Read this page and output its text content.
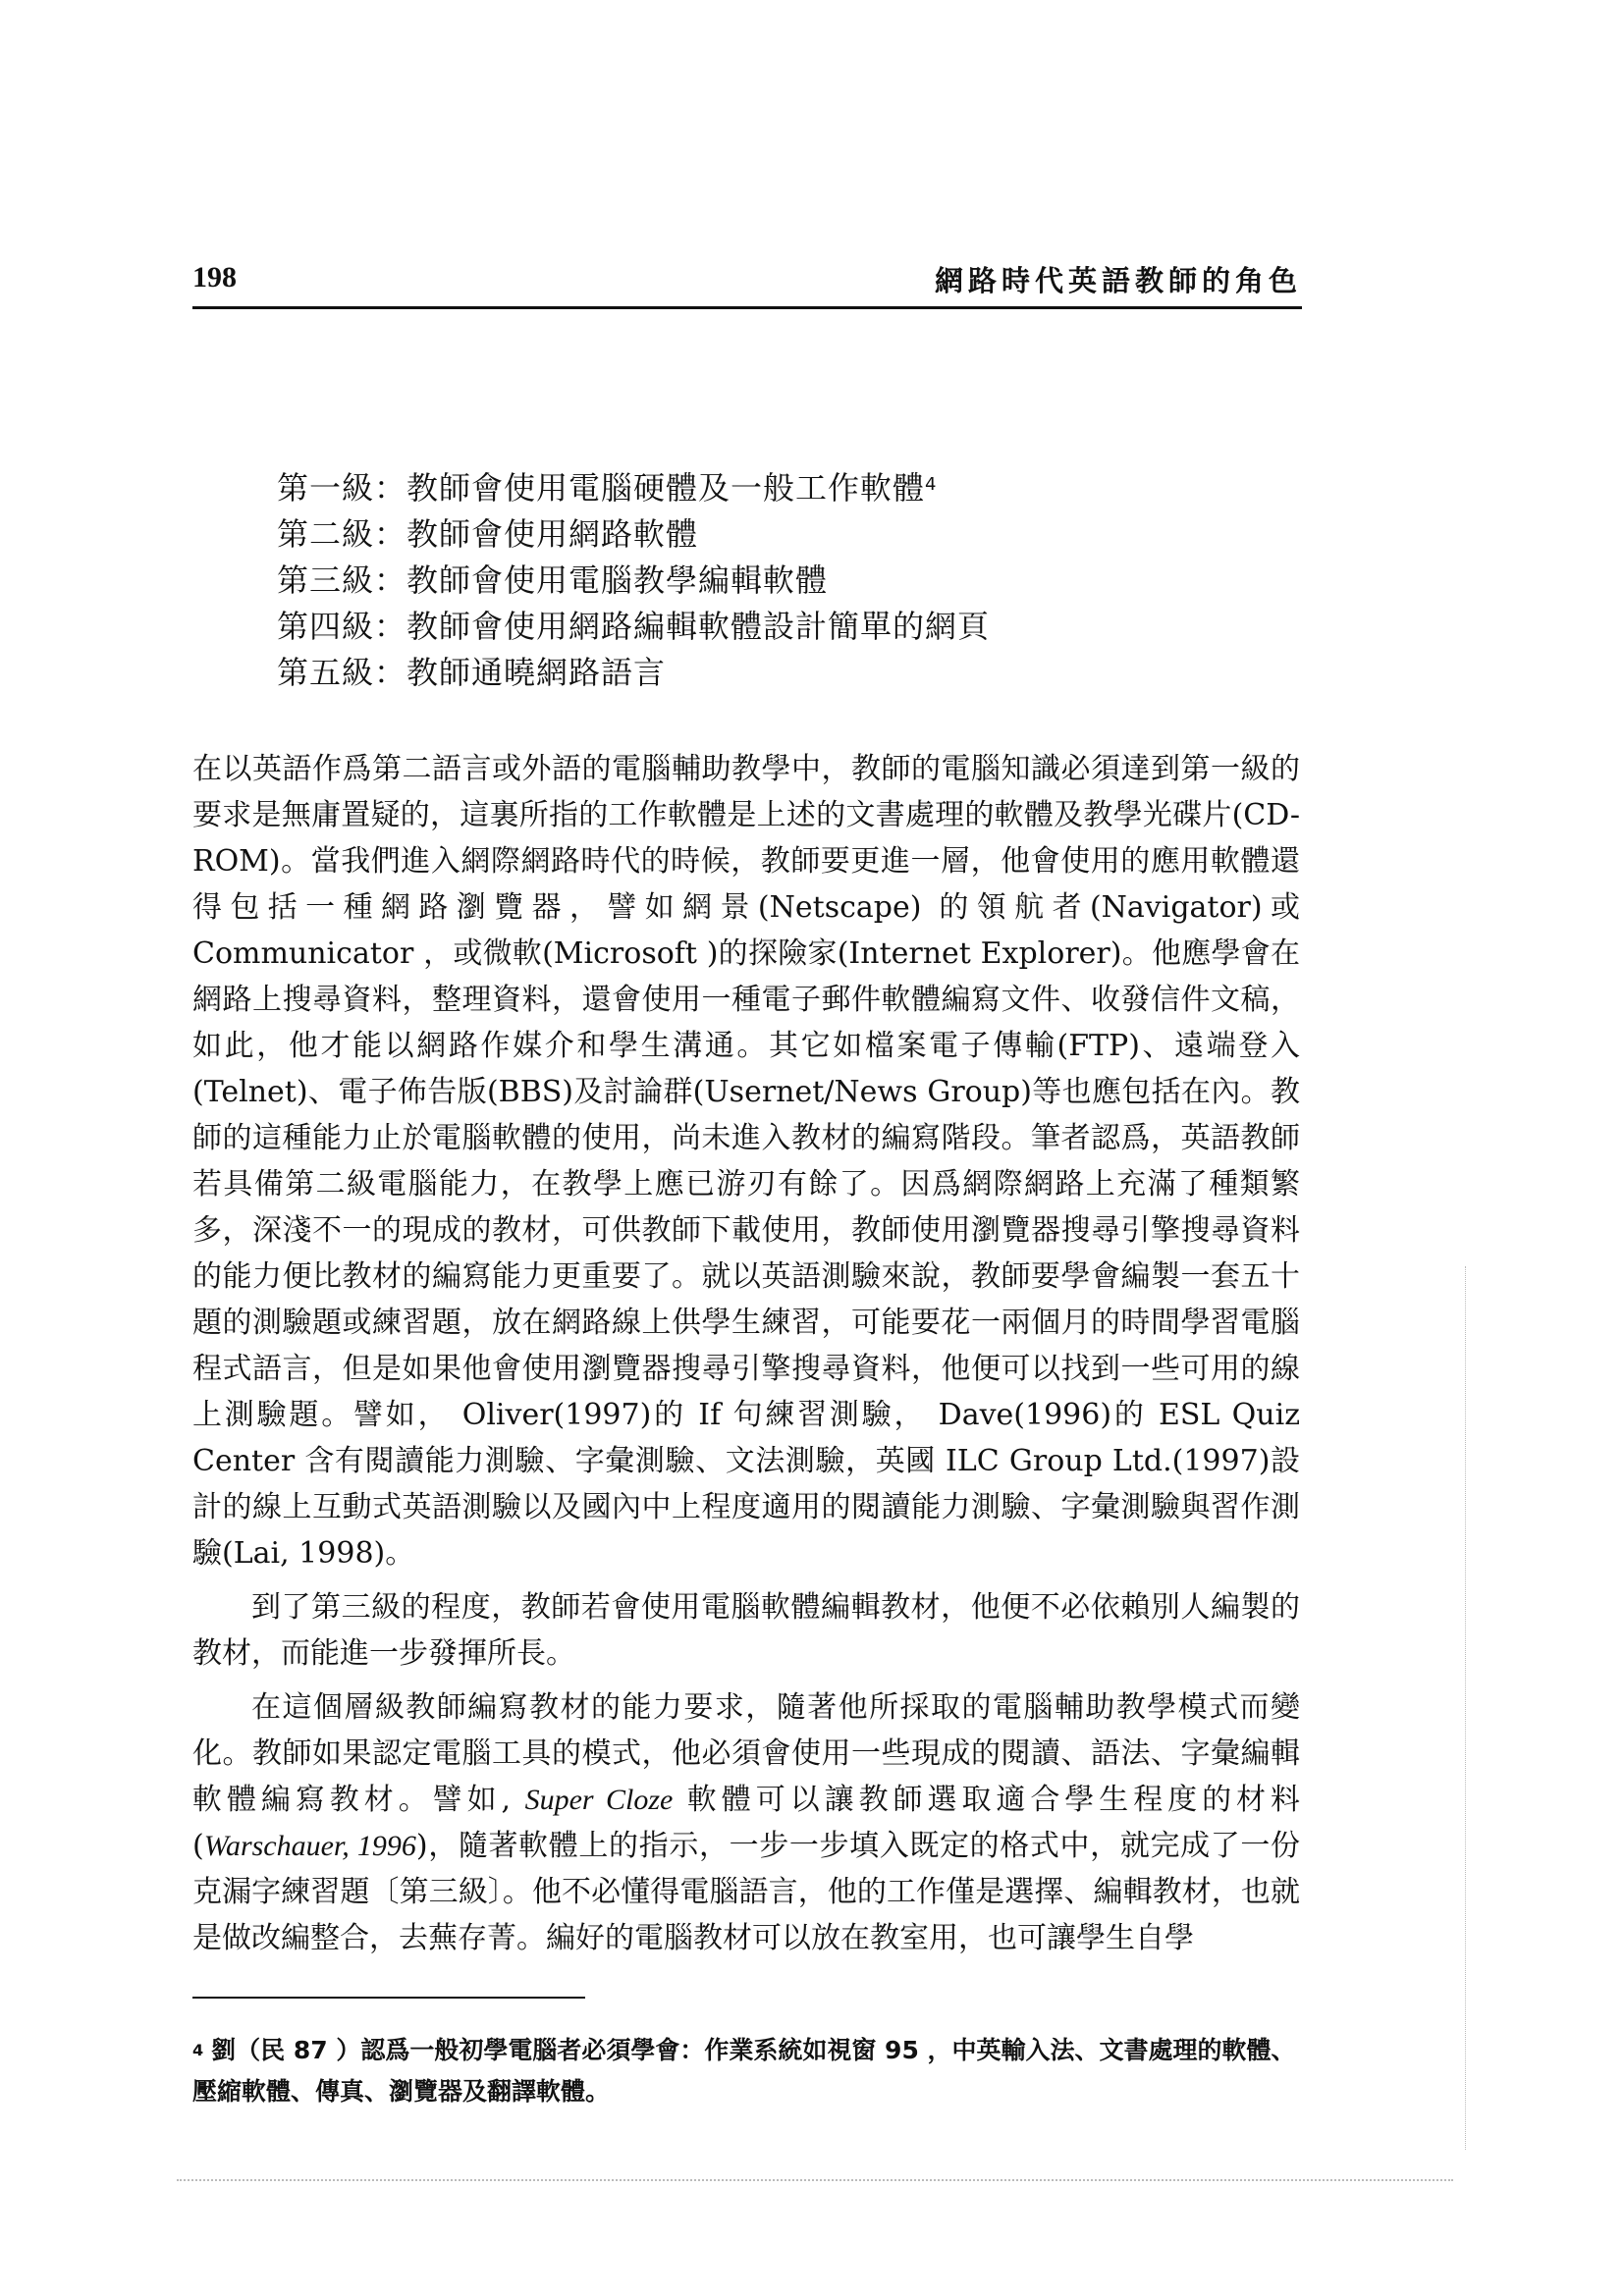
198	網路時代英語教師的角色
第一級：教師會使用電腦硬體及一般工作軟體$^4$
第二級：教師會使用網路軟體
第三級：教師會使用電腦教學編輯軟體
第四級：教師會使用網路編輯軟體設計簡單的網頁
第五級：教師通曉網路語言

在以英語作爲第二語言或外語的電腦輔助教學中，教師的電腦知識必須達到第一級的要求是無庸置疑的，這裏所指的工作軟體是上述的文書處理的軟體及教學光碟片(CD-ROM)。當我們進入網際網路時代的時候，教師要更進一層，他會使用的應用軟體還得包括一種網路瀏覽器，譬如網景(Netscape) 的領航者(Navigator)或Communicator ，或微軟(Microsoft )的探險家(Internet Explorer)。他應學會在網路上搜尋資料，整理資料，還會使用一種電子郵件軟體編寫文件、收發信件文稿，如此，他才能以網路作媒介和學生溝通。其它如檔案電子傳輸(FTP)、遠端登入(Telnet)、電子佈告版(BBS)及討論群(Usernet/News Group)等也應包括在內。教師的這種能力止於電腦軟體的使用，尚未進入教材的編寫階段。筆者認爲，英語教師若具備第二級電腦能力，在教學上應已游刃有餘了。因爲網際網路上充滿了種類繁多，深淺不一的現成的教材，可供教師下載使用，教師使用瀏覽器搜尋引擎搜尋資料的能力便比教材的編寫能力更重要了。就以英語測驗來說，教師要學會編製一套五十題的測驗題或練習題，放在網路線上供學生練習，可能要花一兩個月的時間學習電腦程式語言，但是如果他會使用瀏覽器搜尋引擎搜尋資料，他便可以找到一些可用的線上測驗題。譬如， Oliver(1997)的 If 句練習測驗， Dave(1996)的 ESL Quiz Center 含有閱讀能力測驗、字彙測驗、文法測驗，英國 ILC Group Ltd.(1997)設計的線上互動式英語測驗以及國內中上程度適用的閱讀能力測驗、字彙測驗與習作測驗(Lai, 1998)。

到了第三級的程度，教師若會使用電腦軟體編輯教材，他便不必依賴別人編製的教材，而能進一步發揮所長。

在這個層級教師編寫教材的能力要求，隨著他所採取的電腦輔助教學模式而變化。教師如果認定電腦工具的模式，他必須會使用一些現成的閱讀、語法、字彙編輯軟體編寫教材。譬如, Super Cloze 軟體可以讓教師選取適合學生程度的材料(Warschauer, 1996)，隨著軟體上的指示，一步一步填入既定的格式中，就完成了一份克漏字練習題〔第三級〕。他不必懂得電腦語言，他的工作僅是選擇、編輯教材，也就是做改編整合，去蕪存菁。編好的電腦教材可以放在教室用，也可讓學生自學

$^4$ 劉（民 87 ）認爲一般初學電腦者必須學會：作業系統如視窗 95 ，中英輸入法、文書處理的軟體、壓縮軟體、傳真、瀏覽器及翻譯軟體。
